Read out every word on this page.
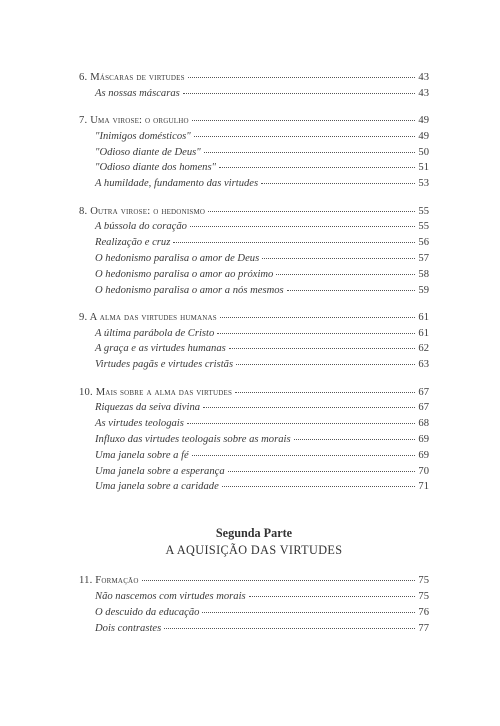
6. Máscaras de virtudes	43
As nossas máscaras	43
7. Uma virose: o orgulho	49
"Inimigos domésticos"	49
"Odioso diante de Deus"	50
"Odioso diante dos homens"	51
A humildade, fundamento das virtudes	53
8. Outra virose: o hedonismo	55
A bússola do coração	55
Realização e cruz	56
O hedonismo paralisa o amor de Deus	57
O hedonismo paralisa o amor ao próximo	58
O hedonismo paralisa o amor a nós mesmos	59
9. A alma das virtudes humanas	61
A última parábola de Cristo	61
A graça e as virtudes humanas	62
Virtudes pagãs e virtudes cristãs	63
10. Mais sobre a alma das virtudes	67
Riquezas da seiva divina	67
As virtudes teologais	68
Influxo das virtudes teologais sobre as morais	69
Uma janela sobre a fé	69
Uma janela sobre a esperança	70
Uma janela sobre a caridade	71
Segunda Parte
A AQUISIÇÃO DAS VIRTUDES
11. Formação	75
Não nascemos com virtudes morais	75
O descuido da educação	76
Dois contrastes	77
